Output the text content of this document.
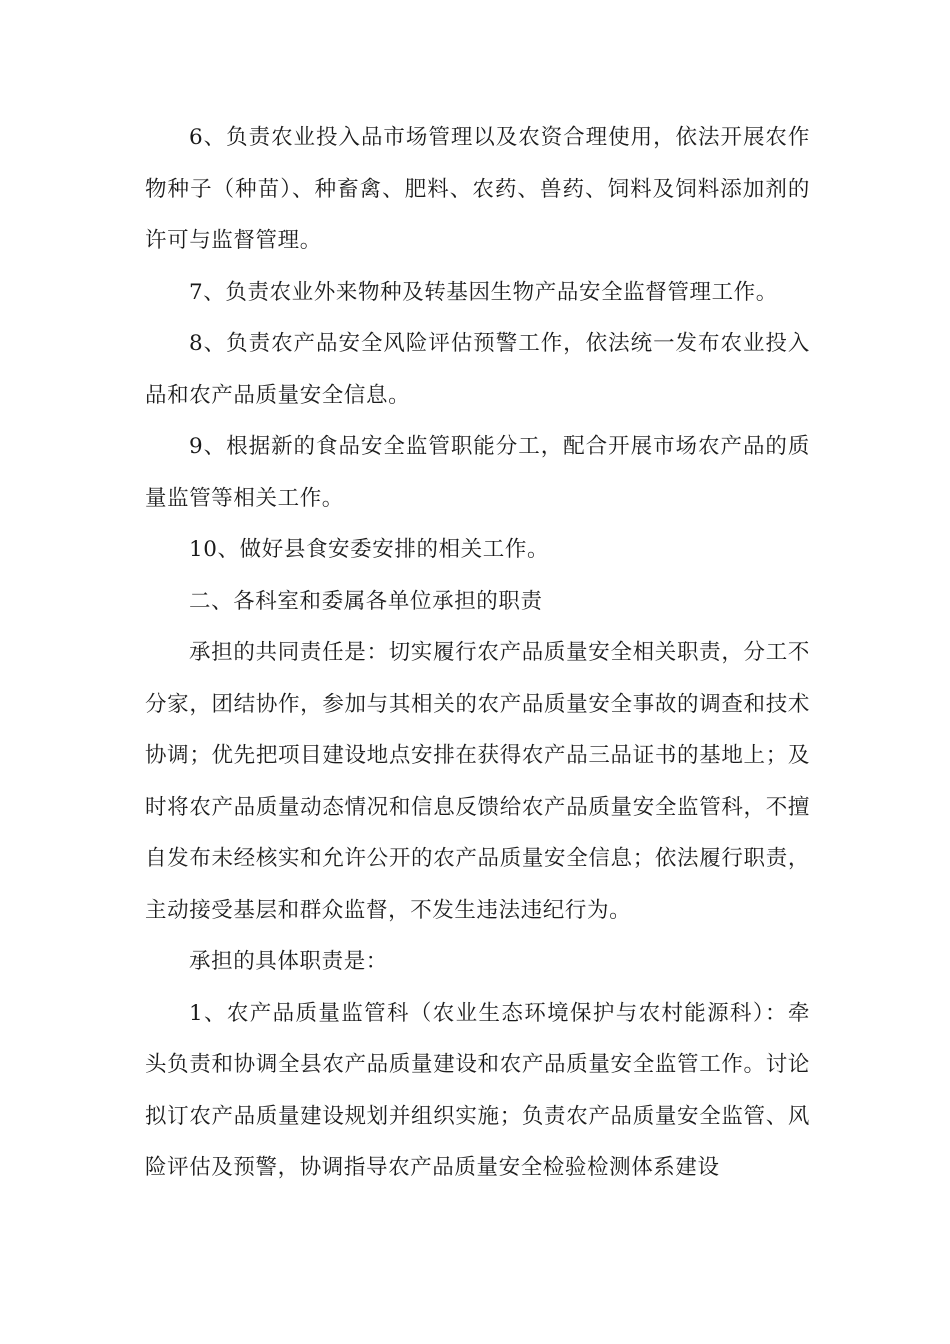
6、负责农业投入品市场管理以及农资合理使用，依法开展农作物种子（种苗）、种畜禽、肥料、农药、兽药、饲料及饲料添加剂的许可与监督管理。

7、负责农业外来物种及转基因生物产品安全监督管理工作。

8、负责农产品安全风险评估预警工作，依法统一发布农业投入品和农产品质量安全信息。

9、根据新的食品安全监管职能分工，配合开展市场农产品的质量监管等相关工作。

10、做好县食安委安排的相关工作。

二、各科室和委属各单位承担的职责

承担的共同责任是：切实履行农产品质量安全相关职责，分工不分家，团结协作，参加与其相关的农产品质量安全事故的调查和技术协调；优先把项目建设地点安排在获得农产品三品证书的基地上；及时将农产品质量动态情况和信息反馈给农产品质量安全监管科，不擅自发布未经核实和允许公开的农产品质量安全信息；依法履行职责，主动接受基层和群众监督，不发生违法违纪行为。

承担的具体职责是：

1、农产品质量监管科（农业生态环境保护与农村能源科）：牵头负责和协调全县农产品质量建设和农产品质量安全监管工作。讨论拟订农产品质量建设规划并组织实施；负责农产品质量安全监管、风险评估及预警，协调指导农产品质量安全检验检测体系建设
